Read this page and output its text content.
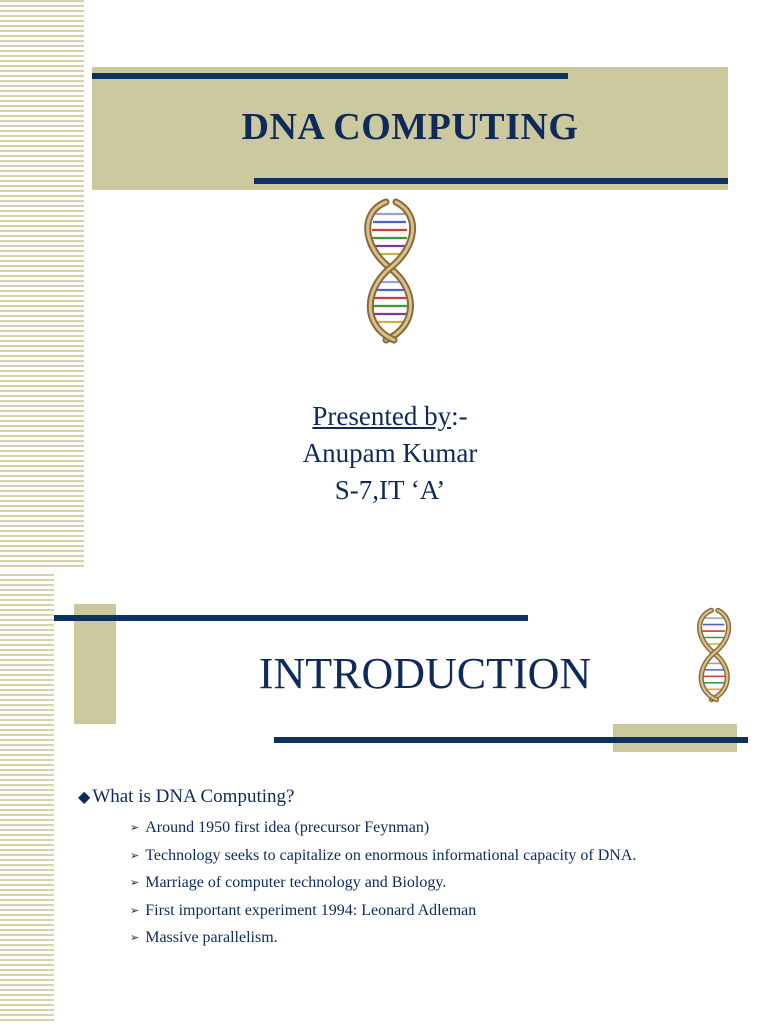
DNA COMPUTING
Presented by:-
Anupam Kumar
S-7,IT ‘A’
INTRODUCTION
◆ What is DNA Computing?
➢ Around 1950 first idea (precursor Feynman)
➢ Technology seeks to capitalize on enormous informational capacity of DNA.
➢ Marriage of computer technology and Biology.
➢ First important experiment 1994: Leonard Adleman
➢ Massive parallelism.
